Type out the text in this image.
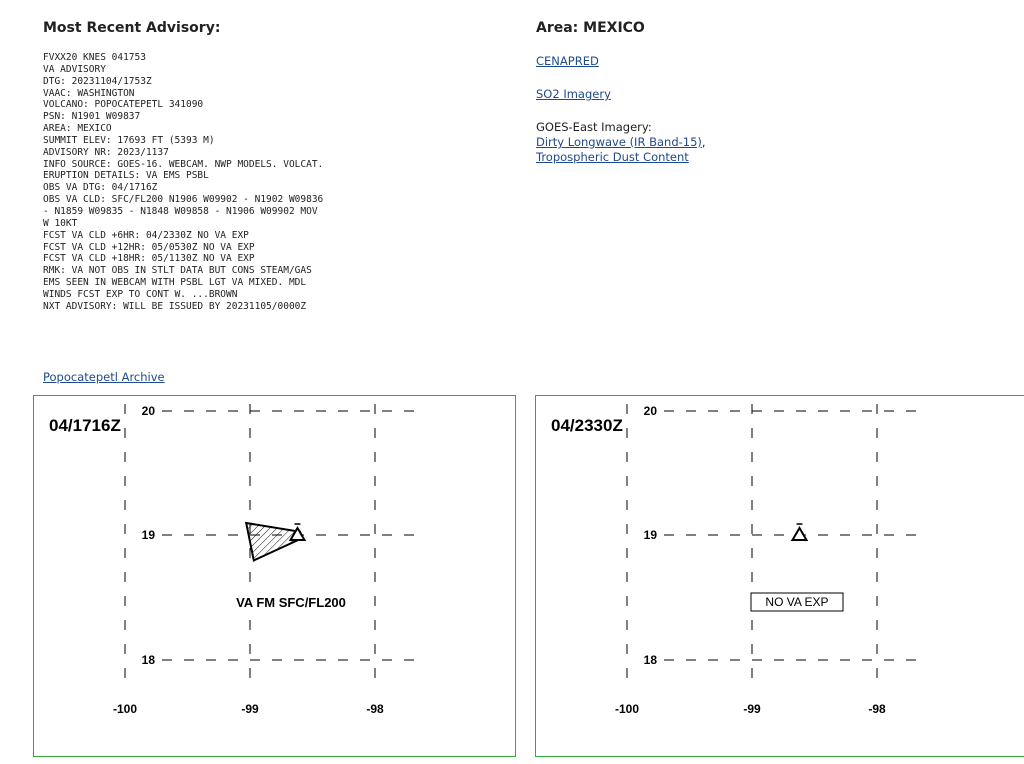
Most Recent Advisory:
FVXX20 KNES 041753
VA ADVISORY
DTG: 20231104/1753Z
VAAC: WASHINGTON
VOLCANO: POPOCATEPETL 341090
PSN: N1901 W09837
AREA: MEXICO
SUMMIT ELEV: 17693 FT (5393 M)
ADVISORY NR: 2023/1137
INFO SOURCE: GOES-16. WEBCAM. NWP MODELS. VOLCAT.
ERUPTION DETAILS: VA EMS PSBL
OBS VA DTG: 04/1716Z
OBS VA CLD: SFC/FL200 N1906 W09902 - N1902 W09836
- N1859 W09835 - N1848 W09858 - N1906 W09902 MOV
W 10KT
FCST VA CLD +6HR: 04/2330Z NO VA EXP
FCST VA CLD +12HR: 05/0530Z NO VA EXP
FCST VA CLD +18HR: 05/1130Z NO VA EXP
RMK: VA NOT OBS IN STLT DATA BUT CONS STEAM/GAS
EMS SEEN IN WEBCAM WITH PSBL LGT VA MIXED. MDL
WINDS FCST EXP TO CONT W. ...BROWN
NXT ADVISORY: WILL BE ISSUED BY 20231105/0000Z
Popocatepetl Archive
Area: MEXICO
CENAPRED
SO2 Imagery
GOES-East Imagery:
Dirty Longwave (IR Band-15),
Tropospheric Dust Content
-100	-99	-98
20
19
18
04/1716Z
VA FM SFC/FL200
-100	-99	-98
20
19
18
04/2330Z
NO VA EXP
